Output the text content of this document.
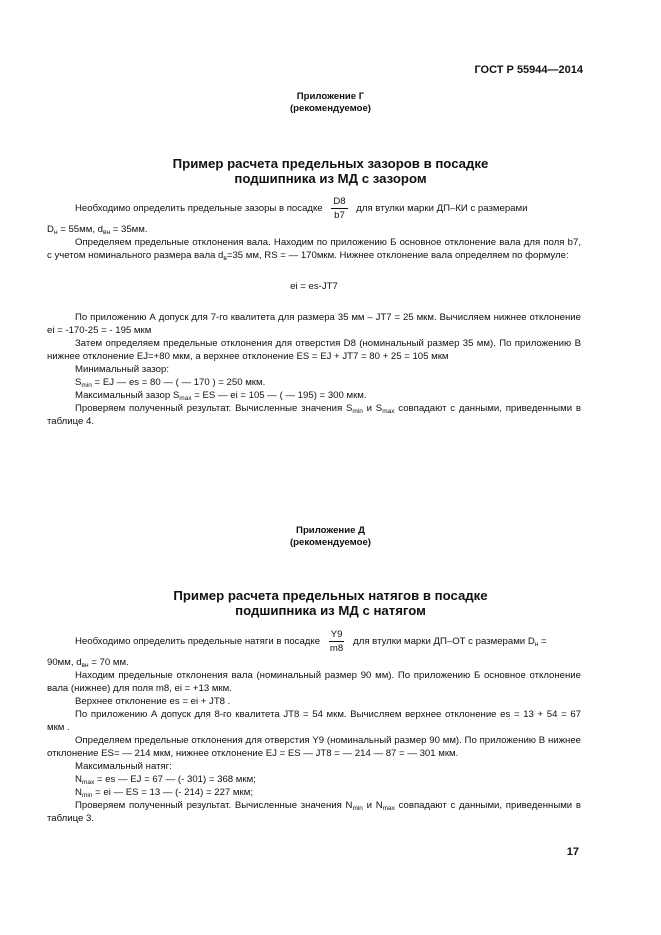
ГОСТ Р 55944—2014
Приложение Г
(рекомендуемое)
Пример расчета предельных зазоров в посадке
подшипника из МД с зазором
Необходимо определить предельные зазоры в посадке $\frac{D8}{b7}$ для втулки марки ДП–КИ с размерами
$D_н = 55мм$, $d_{вн} = 35мм$.

Определяем предельные отклонения вала. Находим по приложению Б основное отклонение вала для поля b7, с учетом номинального размера вала $d_в=35$ мм, RS = — 170мкм. Нижнее отклонение вала определяем по формуле:

ei = es-JT7

По приложению А допуск для 7-го квалитета для размера 35 мм – JT7 = 25 мкм. Вычисляем нижнее отклонение ei = -170-25 = - 195 мкм

Затем определяем предельные отклонения для отверстия D8 (номинальный размер 35 мм). По приложению В нижнее отклонение EJ=+80 мкм, а верхнее отклонение ES = EJ + JT7 = 80 + 25 = 105 мкм

Минимальный зазор:

$S_{min}$ = EJ — es = 80 — ( — 170 ) = 250 мкм.

Максимальный зазор $S_{max}$ = ES — ei = 105 — ( — 195) = 300 мкм.

Проверяем полученный результат. Вычисленные значения $S_{min}$ и $S_{max}$ совпадают с данными, приведенными в таблице 4.

Приложение Д
(рекомендуемое)
Пример расчета предельных натягов в посадке
подшипника из МД с натягом
Необходимо определить предельные натяги в посадке $\frac{Y9}{m8}$ для втулки марки ДП–ОТ с размерами $D_н$ =
90мм, $d_{вн} = 70$ мм.

Находим предельные отклонения вала (номинальный размер 90 мм). По приложению Б основное отклонение вала (нижнее) для поля m8, ei = +13 мкм.

Верхнее отклонение es = ei + JT8 .

По приложению А допуск для 8-го квалитета JT8 = 54 мкм. Вычисляем верхнее отклонение es = 13 + 54 = 67 мкм .

Определяем предельные отклонения для отверстия Y9 (номинальный размер 90 мм). По приложению В нижнее отклонение ES= — 214 мкм, нижнее отклонение EJ = ES — JT8 = — 214 — 87 = — 301 мкм.

Максимальный натяг:

$N_{max}$ = es — EJ = 67 — (- 301) = 368 мкм;

$N_{min}$ = ei — ES = 13 — (- 214) = 227 мкм;

Проверяем полученный результат. Вычисленные значения $N_{min}$ и $N_{max}$ совпадают с данными, приведенными в таблице 3.

17
